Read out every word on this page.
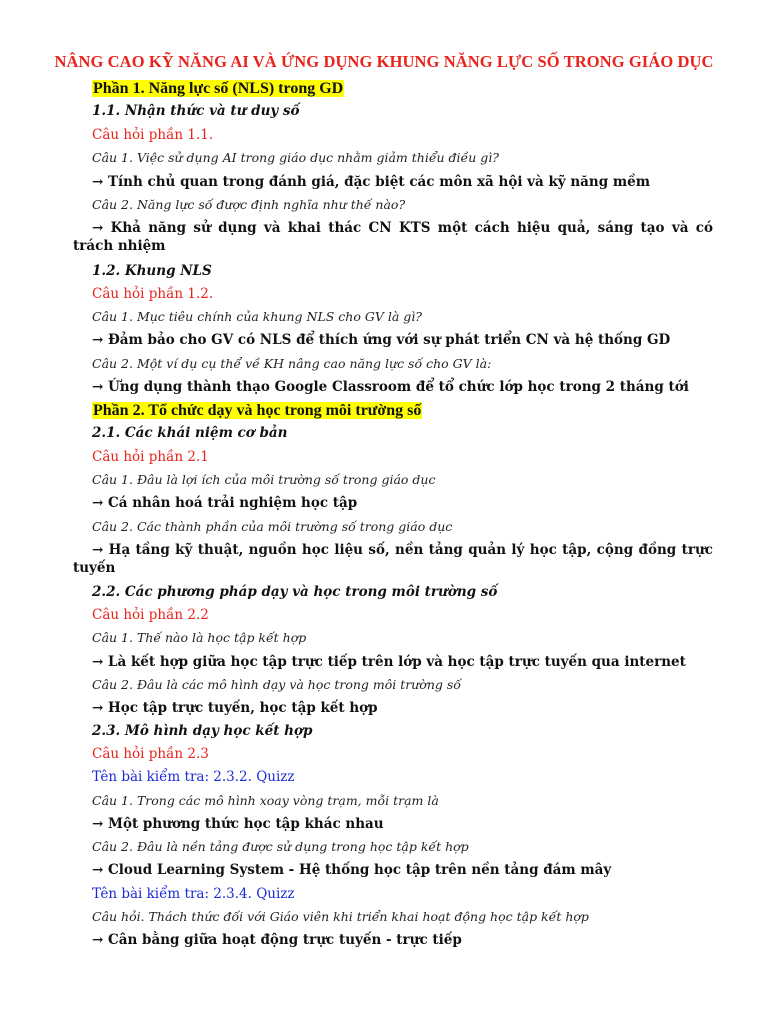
NÂNG CAO KỸ NĂNG AI VÀ ỨNG DỤNG KHUNG NĂNG LỰC SỐ TRONG GIÁO DỤC
Phần 1. Năng lực số (NLS) trong GD
1.1. Nhận thức và tư duy số
Câu hỏi phần 1.1.
Câu 1. Việc sử dụng AI trong giáo dục nhằm giảm thiểu điều gì?
→ Tính chủ quan trong đánh giá, đặc biệt các môn xã hội và kỹ năng mềm
Câu 2. Năng lực số được định nghĩa như thế nào?
→ Khả năng sử dụng và khai thác CN KTS một cách hiệu quả, sáng tạo và có trách nhiệm
1.2. Khung NLS
Câu hỏi phần 1.2.
Câu 1. Mục tiêu chính của khung NLS cho GV là gì?
→ Đảm bảo cho GV có NLS để thích ứng với sự phát triển CN và hệ thống GD
Câu 2. Một ví dụ cụ thể về KH nâng cao năng lực số cho GV là:
→ Ứng dụng thành thạo Google Classroom để tổ chức lớp học trong 2 tháng tới
Phần 2. Tổ chức dạy và học trong môi trường số
2.1. Các khái niệm cơ bản
Câu hỏi phần 2.1
Câu 1. Đâu là lợi ích của môi trường số trong giáo dục
→ Cá nhân hoá trải nghiệm học tập
Câu 2. Các thành phần của môi trường số trong giáo dục
→ Hạ tầng kỹ thuật, nguồn học liệu số, nền tảng quản lý học tập, cộng đồng trực tuyến
2.2. Các phương pháp dạy và học trong môi trường số
Câu hỏi phần 2.2
Câu 1. Thế nào là học tập kết hợp
→ Là kết hợp giữa học tập trực tiếp trên lớp và học tập trực tuyến qua internet
Câu 2. Đâu là các mô hình dạy và học trong môi trường số
→ Học tập trực tuyến, học tập kết hợp
2.3. Mô hình dạy học kết hợp
Câu hỏi phần 2.3
Tên bài kiểm tra: 2.3.2. Quizz
Câu 1. Trong các mô hình xoay vòng trạm, mỗi trạm là
→ Một phương thức học tập khác nhau
Câu 2. Đâu là nền tảng được sử dụng trong học tập kết hợp
→ Cloud Learning System - Hệ thống học tập trên nền tảng đám mây
Tên bài kiểm tra: 2.3.4. Quizz
Câu hỏi. Thách thức đối với Giáo viên khi triển khai hoạt động học tập kết hợp
→ Cân bằng giữa hoạt động trực tuyến - trực tiếp
